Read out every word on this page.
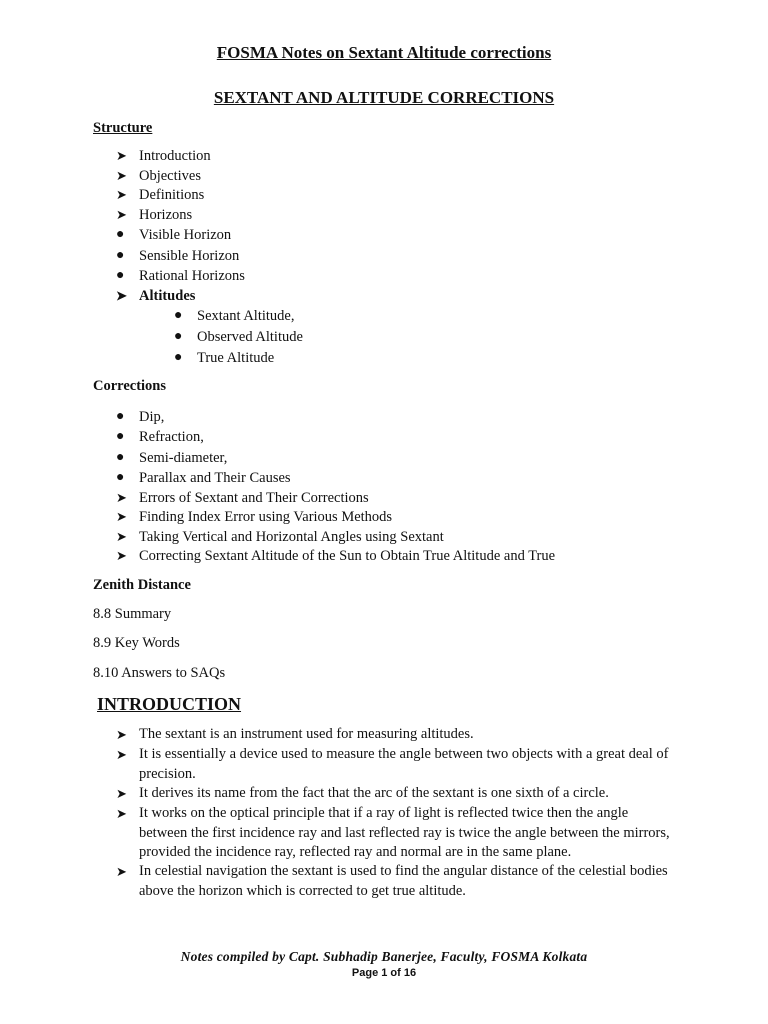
FOSMA Notes on Sextant Altitude corrections
SEXTANT AND ALTITUDE CORRECTIONS
Structure
➤ Introduction
➤ Objectives
➤ Definitions
➤ Horizons
●	Visible Horizon
●	Sensible Horizon
●	Rational Horizons
➤ Altitudes
●	Sextant Altitude,
●	Observed Altitude
●	True Altitude
Corrections
●	Dip,
●	Refraction,
●	Semi-diameter,
●	Parallax and Their Causes
➤ Errors of Sextant and Their Corrections
➤ Finding Index Error using Various Methods
➤ Taking Vertical and Horizontal Angles using Sextant
➤ Correcting Sextant Altitude of the Sun to Obtain True Altitude and True
Zenith Distance
8.8 Summary
8.9 Key Words
8.10 Answers to SAQs
INTRODUCTION
➤ The sextant is an instrument used for measuring altitudes.
➤ It is essentially a device used to measure the angle between two objects with a great deal of precision.
➤ It derives its name from the fact that the arc of the sextant is one sixth of a circle.
➤ It works on the optical principle that if a ray of light is reflected twice then the angle between the first incidence ray and last reflected ray is twice the angle between the mirrors, provided the incidence ray, reflected ray and normal are in the same plane.
➤ In celestial navigation the sextant is used to find the angular distance of the celestial bodies above the horizon which is corrected to get true altitude.
Notes compiled by Capt. Subhadip Banerjee, Faculty, FOSMA Kolkata
Page 1 of 16
